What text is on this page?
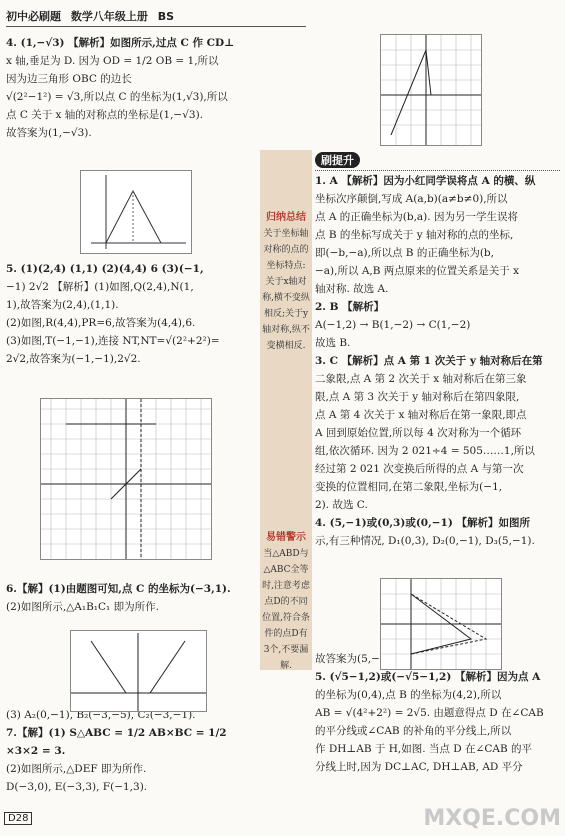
初中必刷题 数学八年级上册 BS

4. (1,−√3) 【解析】如图所示,过点 C 作 CD⊥

x 轴,垂足为 D. 因为 OD = 1/2 OB = 1,所以

因为边三角形 OBC 的边长

√(2²−1²) = √3,所以点 C 的坐标为(1,√3),所以

点 C 关于 x 轴的对称点的坐标是(1,−√3).

故答案为(1,−√3).

5. (1)(2,4) (1,1) (2)(4,4) 6 (3)(−1,

−1) 2√2 【解析】(1)如图,Q(2,4),N(1,

1),故答案为(2,4),(1,1).

(2)如图,R(4,4),PR=6,故答案为(4,4),6.

(3)如图,T(−1,−1),连接 NT,NT=√(2²+2²)=

2√2,故答案为(−1,−1),2√2.

6.【解】(1)由题图可知,点 C 的坐标为(−3,1).

(2)如图所示,△A₁B₁C₁ 即为所作.

(3) A₂(0,−1), B₂(−3,−5), C₂(−3,−1).

7.【解】(1) S△ABC = 1/2 AB×BC = 1/2 ×3×2 = 3.

(2)如图所示,△DEF 即为所作.

D(−3,0), E(−3,3), F(−1,3).

归纳总结
关于坐标轴对称的点的坐标特点:关于x轴对称,横不变纵相反;关于y轴对称,纵不变横相反.
易错警示
当△ABD与△ABC全等时,注意考虑点D的不同位置,符合条件的点D有3个,不要漏解.
刷提升

1. A 【解析】因为小红同学误将点 A 的横、纵

坐标次序颠倒,写成 A(a,b)(a≠b≠0),所以

点 A 的正确坐标为(b,a). 因为另一学生误将

点 B 的坐标写成关于 y 轴对称的点的坐标,

即(−b,−a),所以点 B 的正确坐标为(b,

−a),所以 A,B 两点原来的位置关系是关于 x

轴对称. 故选 A.

2. B 【解析】

A(−1,2) → B(1,−2) → C(1,−2)

故选 B.

3. C 【解析】点 A 第 1 次关于 y 轴对称后在第

二象限,点 A 第 2 次关于 x 轴对称后在第三象

限,点 A 第 3 次关于 y 轴对称后在第四象限,

点 A 第 4 次关于 x 轴对称后在第一象限,即点

A 回到原始位置,所以每 4 次对称为一个循环

组,依次循环. 因为 2 021÷4 = 505……1,所以

经过第 2 021 次变换后所得的点 A 与第一次

变换的位置相同,在第二象限,坐标为(−1,

2). 故选 C.

4. (5,−1)或(0,3)或(0,−1) 【解析】如图所

示,有三种情况, D₁(0,3), D₂(0,−1), D₃(5,−1).

故答案为(5,−1)或(0,3)或(0,−1).

5. (√5−1,2)或(−√5−1,2) 【解析】因为点 A

的坐标为(0,4),点 B 的坐标为(4,2),所以

AB = √(4²+2²) = 2√5. 由题意得点 D 在∠CAB

的平分线或∠CAB 的补角的平分线上,所以

作 DH⊥AB 于 H,如图. 当点 D 在∠CAB 的平

分线上时,因为 DC⊥AC, DH⊥AB, AD 平分

D28	MXQE.COM
